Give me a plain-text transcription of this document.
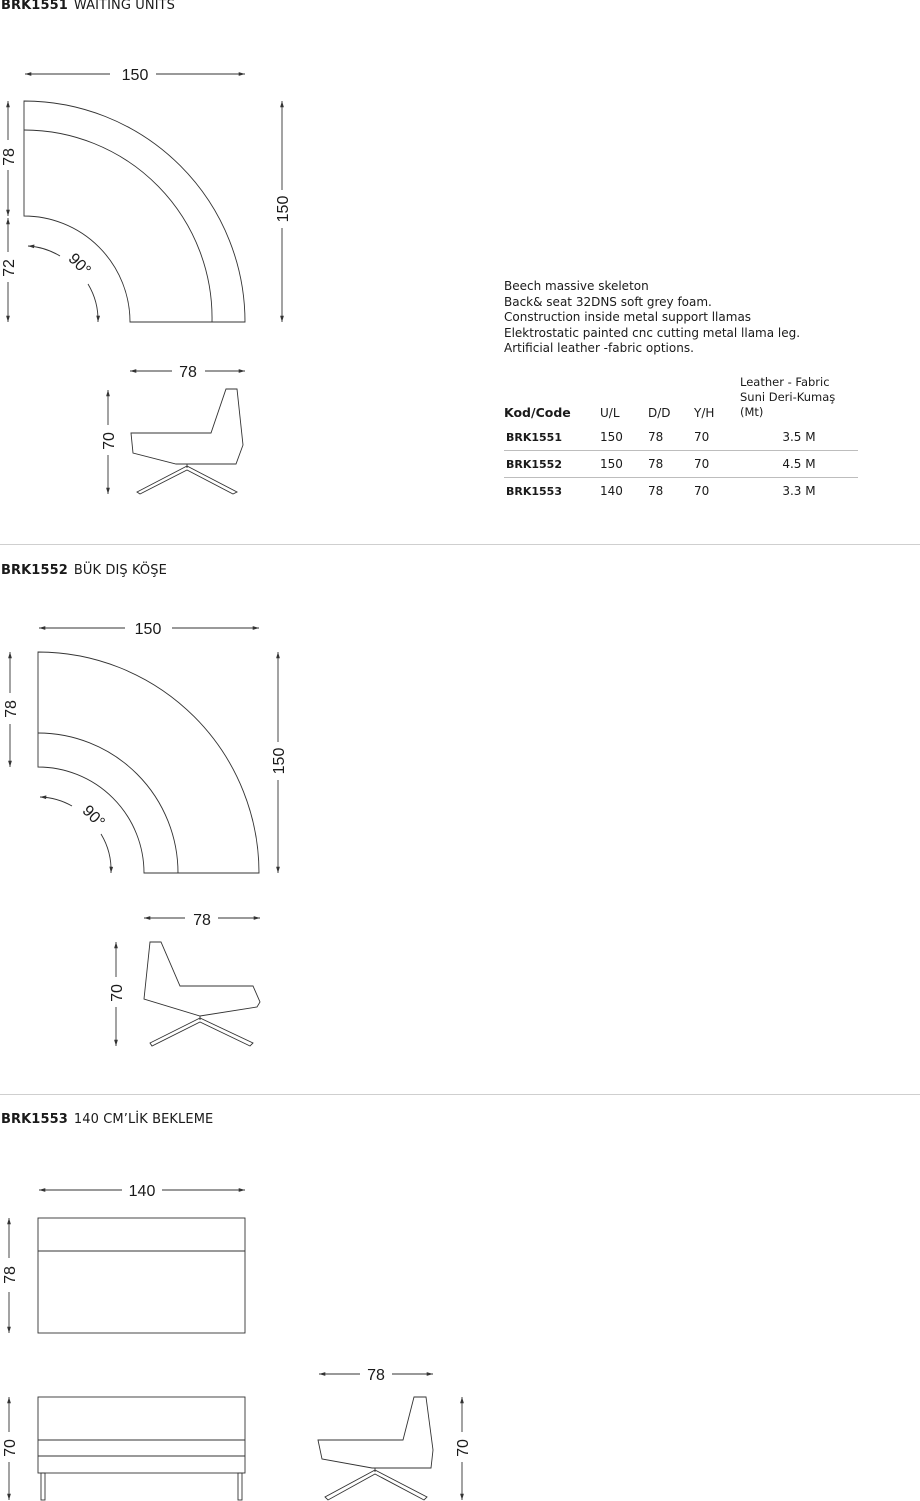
BRK1551 WAITING UNITS
BRK1552 BÜK DIŞ KÖŞE
BRK1553 140 CM’LİK BEKLEME
Beech massive skeleton
Back& seat 32DNS soft grey foam.
Construction inside metal support llamas
Elektrostatic painted cnc cutting metal llama leg.
Artificial leather -fabric options.
Kod/Code	U/L	D/D	Y/H	Leather - Fabric
Suni Deri-Kumaş (Mt)
BRK1551	150	78	70	3.5 M
BRK1552	150	78	70	4.5 M
BRK1553	140	78	70	3.3 M
150
78
72
150
90°
78
70
150
78
150
90°
78
70
140
78
70
78
70
